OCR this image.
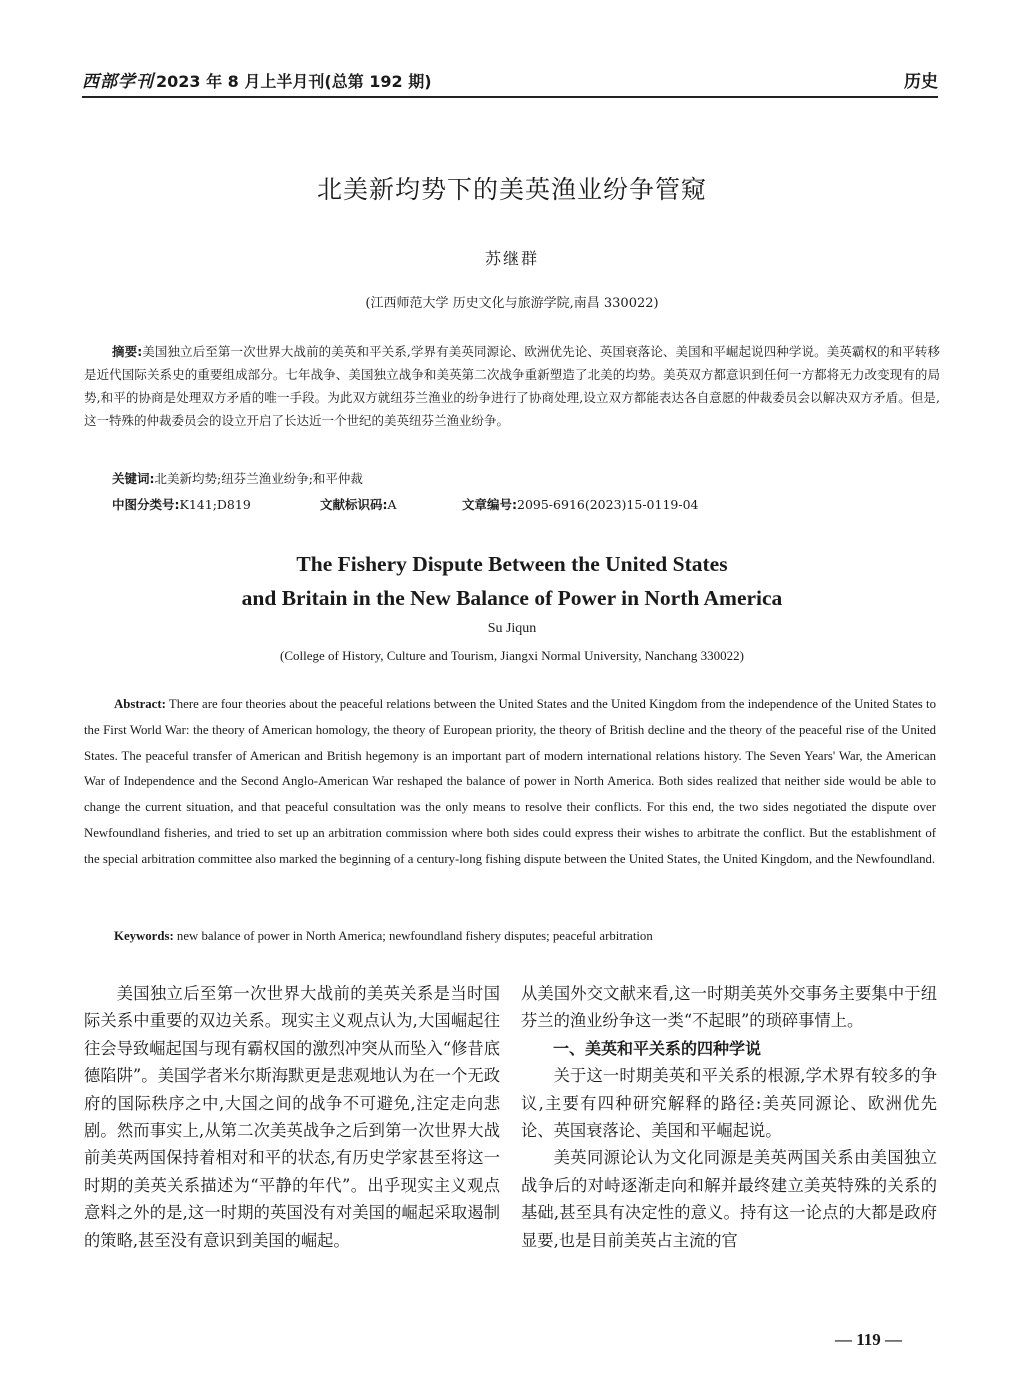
西部学刊 2023 年 8 月上半月刊(总第 192 期)	历史
北美新均势下的美英渔业纷争管窥
苏继群
(江西师范大学 历史文化与旅游学院,南昌 330022)
摘要:美国独立后至第一次世界大战前的美英和平关系,学界有美英同源论、欧洲优先论、英国衰落论、美国和平崛起说四种学说。美英霸权的和平转移是近代国际关系史的重要组成部分。七年战争、美国独立战争和美英第二次战争重新塑造了北美的均势。美英双方都意识到任何一方都将无力改变现有的局势,和平的协商是处理双方矛盾的唯一手段。为此双方就纽芬兰渔业的纷争进行了协商处理,设立双方都能表达各自意愿的仲裁委员会以解决双方矛盾。但是,这一特殊的仲裁委员会的设立开启了长达近一个世纪的美英纽芬兰渔业纷争。
关键词:北美新均势;纽芬兰渔业纷争;和平仲裁
中图分类号:K141;D819	文献标识码:A	文章编号:2095-6916(2023)15-0119-04
The Fishery Dispute Between the United States
and Britain in the New Balance of Power in North America
Su Jiqun
(College of History, Culture and Tourism, Jiangxi Normal University, Nanchang 330022)
Abstract: There are four theories about the peaceful relations between the United States and the United Kingdom from the independence of the United States to the First World War: the theory of American homology, the theory of European priority, the theory of British decline and the theory of the peaceful rise of the United States. The peaceful transfer of American and British hegemony is an important part of modern international relations history. The Seven Years' War, the American War of Independence and the Second Anglo-American War reshaped the balance of power in North America. Both sides realized that neither side would be able to change the current situation, and that peaceful consultation was the only means to resolve their conflicts. For this end, the two sides negotiated the dispute over Newfoundland fisheries, and tried to set up an arbitration commission where both sides could express their wishes to arbitrate the conflict. But the establishment of the special arbitration committee also marked the beginning of a century-long fishing dispute between the United States, the United Kingdom, and the Newfoundland.
Keywords: new balance of power in North America; newfoundland fishery disputes; peaceful arbitration

美国独立后至第一次世界大战前的美英关系是当时国际关系中重要的双边关系。现实主义观点认为,大国崛起往往会导致崛起国与现有霸权国的激烈冲突从而坠入“修昔底德陷阱”。美国学者米尔斯海默更是悲观地认为在一个无政府的国际秩序之中,大国之间的战争不可避免,注定走向悲剧。然而事实上,从第二次美英战争之后到第一次世界大战前美英两国保持着相对和平的状态,有历史学家甚至将这一时期的美英关系描述为“平静的年代”。出乎现实主义观点意料之外的是,这一时期的英国没有对美国的崛起采取遏制的策略,甚至没有意识到美国的崛起。

从美国外交文献来看,这一时期美英外交事务主要集中于纽芬兰的渔业纷争这一类“不起眼”的琐碎事情上。

一、美英和平关系的四种学说

关于这一时期美英和平关系的根源,学术界有较多的争议,主要有四种研究解释的路径:美英同源论、欧洲优先论、英国衰落论、美国和平崛起说。

美英同源论认为文化同源是美英两国关系由美国独立战争后的对峙逐渐走向和解并最终建立美英特殊的关系的基础,甚至具有决定性的意义。持有这一论点的大都是政府显要,也是目前美英占主流的官

— 119 —
